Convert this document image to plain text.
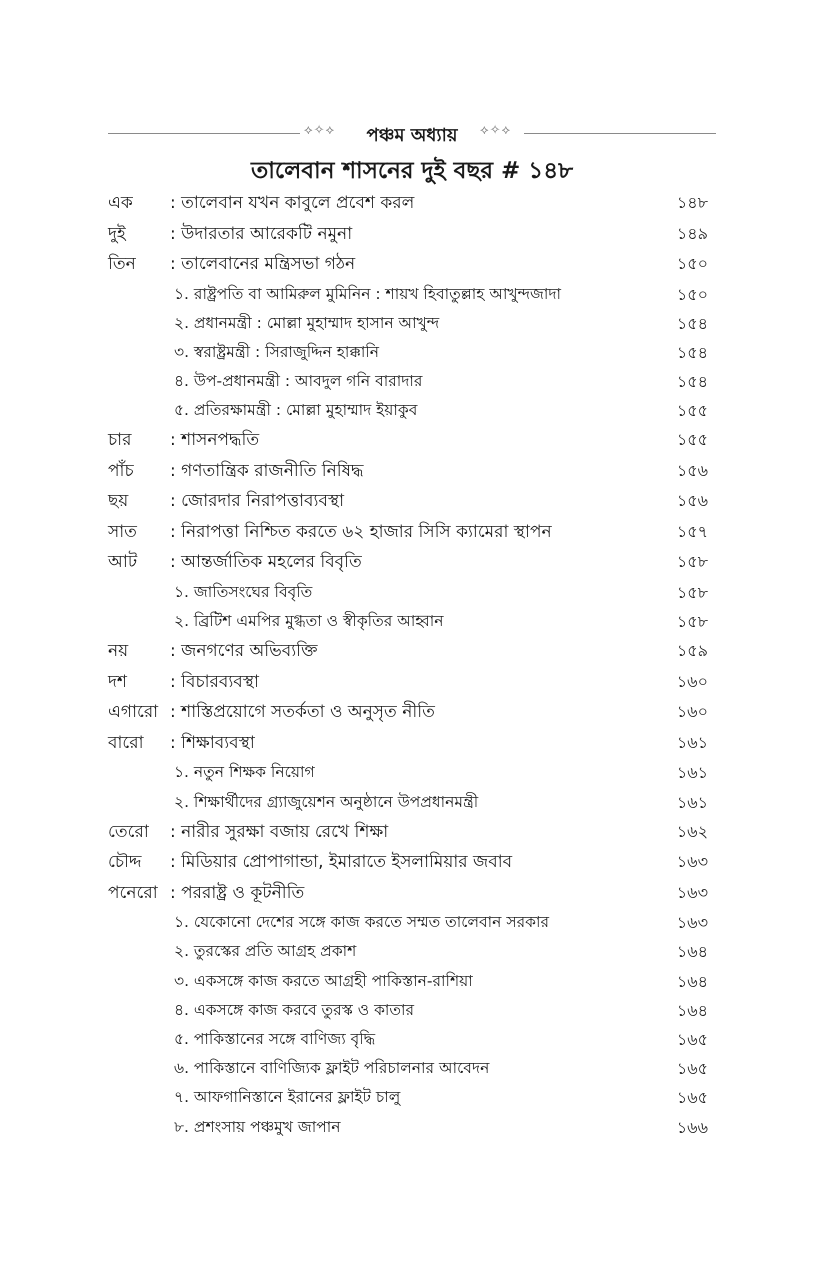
⟡✧⟡	পঞ্চম অধ্যায়	⟡✧⟡
তালেবান শাসনের দুই বছর # ১৪৮
এক : তালেবান যখন কাবুলে প্রবেশ করল	১৪৮
দুই	: উদারতার আরেকটি নমুনা	১৪৯
তিন : তালেবানের মন্ত্রিসভা গঠন	১৫০
১. রাষ্ট্রপতি বা আমিরুল মুমিনিন : শায়খ হিবাতুল্লাহ আখুন্দজাদা	১৫০
২. প্রধানমন্ত্রী : মোল্লা মুহাম্মাদ হাসান আখুন্দ	১৫৪
৩. স্বরাষ্ট্রমন্ত্রী : সিরাজুদ্দিন হাক্কানি	১৫৪
৪. উপ-প্রধানমন্ত্রী : আবদুল গনি বারাদার	১৫৪
৫. প্রতিরক্ষামন্ত্রী : মোল্লা মুহাম্মাদ ইয়াকুব	১৫৫
চার : শাসনপদ্ধতি	১৫৫
পাঁচ : গণতান্ত্রিক রাজনীতি নিষিদ্ধ	১৫৬
ছয় : জোরদার নিরাপত্তাব্যবস্থা	১৫৬
সাত : নিরাপত্তা নিশ্চিত করতে ৬২ হাজার সিসি ক্যামেরা স্থাপন	১৫৭
আট : আন্তর্জাতিক মহলের বিবৃতি	১৫৮
১. জাতিসংঘের বিবৃতি	১৫৮
২. ব্রিটিশ এমপির মুগ্ধতা ও স্বীকৃতির আহ্বান	১৫৮
নয় : জনগণের অভিব্যক্তি	১৫৯
দশ	: বিচারব্যবস্থা	১৬০
এগারো : শাস্তিপ্রয়োগে সতর্কতা ও অনুসৃত নীতি	১৬০
বারো : শিক্ষাব্যবস্থা	১৬১
১. নতুন শিক্ষক নিয়োগ	১৬১
২. শিক্ষার্থীদের গ্র্যাজুয়েশন অনুষ্ঠানে উপপ্রধানমন্ত্রী	১৬১
তেরো : নারীর সুরক্ষা বজায় রেখে শিক্ষা	১৬২
চৌদ্দ : মিডিয়ার প্রোপাগান্ডা, ইমারাতে ইসলামিয়ার জবাব	১৬৩
পনেরো : পররাষ্ট্র ও কূটনীতি	১৬৩
১. যেকোনো দেশের সঙ্গে কাজ করতে সম্মত তালেবান সরকার	১৬৩
২. তুরস্কের প্রতি আগ্রহ প্রকাশ	১৬৪
৩. একসঙ্গে কাজ করতে আগ্রহী পাকিস্তান-রাশিয়া	১৬৪
৪. একসঙ্গে কাজ করবে তুরস্ক ও কাতার	১৬৪
৫. পাকিস্তানের সঙ্গে বাণিজ্য বৃদ্ধি	১৬৫
৬. পাকিস্তানে বাণিজ্যিক ফ্লাইট পরিচালনার আবেদন	১৬৫
৭. আফগানিস্তানে ইরানের ফ্লাইট চালু	১৬৫
৮. প্রশংসায় পঞ্চমুখ জাপান	১৬৬
